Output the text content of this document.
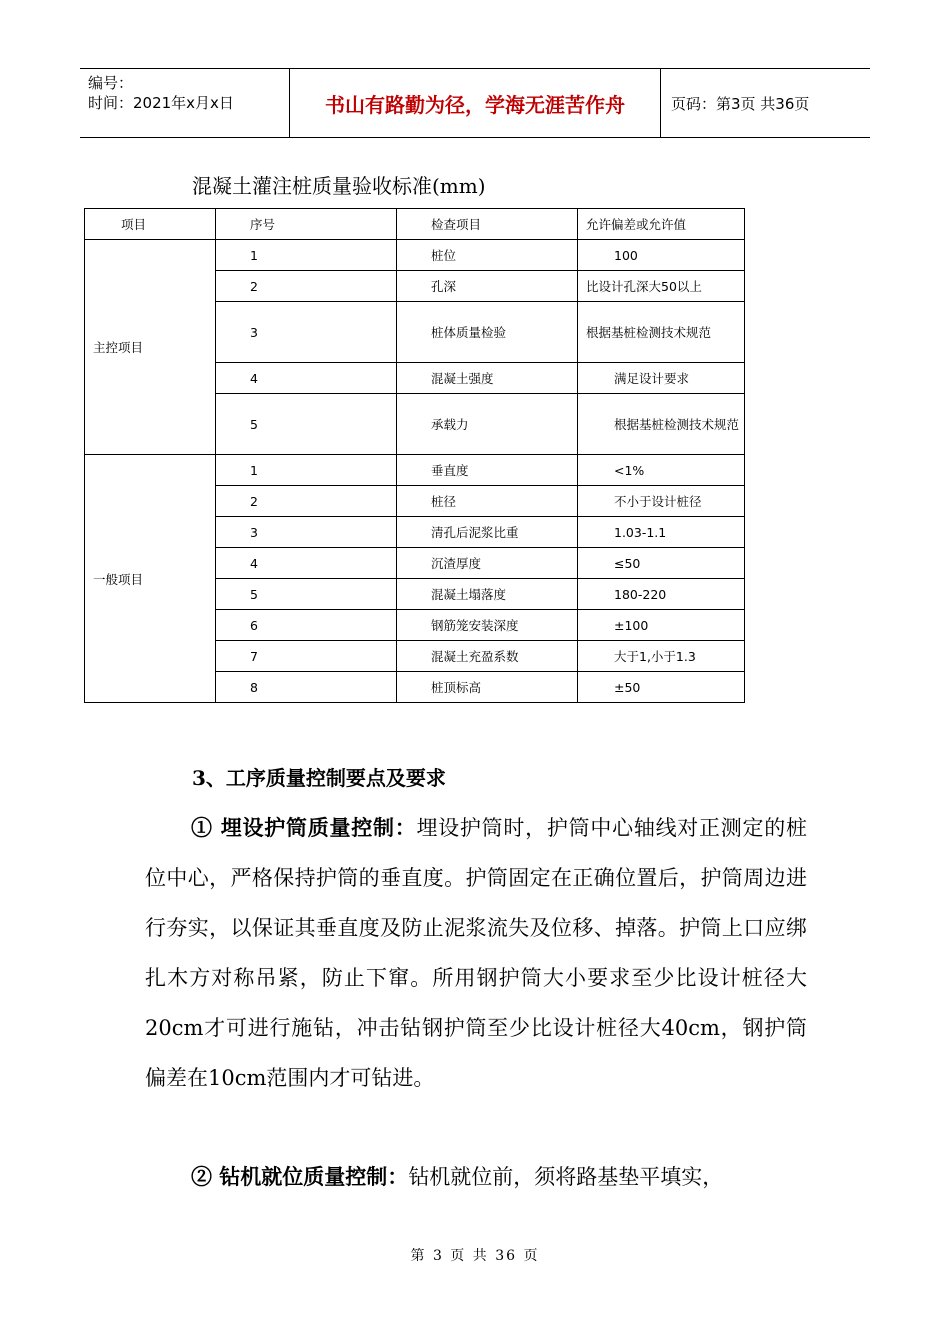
编号：
时间：2021年x月x日	书山有路勤为径，学海无涯苦作舟	页码：第3页 共36页
混凝土灌注桩质量验收标准(mm)
项目	序号	检查项目	允许偏差或允许值
主控项目	1	桩位	100
	2	孔深	比设计孔深大50以上
	3	桩体质量检验	根据基桩检测技术规范
	4	混凝土强度	满足设计要求
	5	承载力	根据基桩检测技术规范
一般项目	1	垂直度	<1%
	2	桩径	不小于设计桩径
	3	清孔后泥浆比重	1.03-1.1
	4	沉渣厚度	≤50
	5	混凝土塌落度	180-220
	6	钢筋笼安装深度	±100
	7	混凝土充盈系数	大于1,小于1.3
	8	桩顶标高	±50
3、工序质量控制要点及要求
① 埋设护筒质量控制：埋设护筒时，护筒中心轴线对正测定的桩位中心，严格保持护筒的垂直度。护筒固定在正确位置后，护筒周边进行夯实，以保证其垂直度及防止泥浆流失及位移、掉落。护筒上口应绑扎木方对称吊紧，防止下窜。所用钢护筒大小要求至少比设计桩径大20cm才可进行施钻，冲击钻钢护筒至少比设计桩径大40cm，钢护筒偏差在10cm范围内才可钻进。
② 钻机就位质量控制：钻机就位前，须将路基垫平填实，
第 3 页 共 36 页
